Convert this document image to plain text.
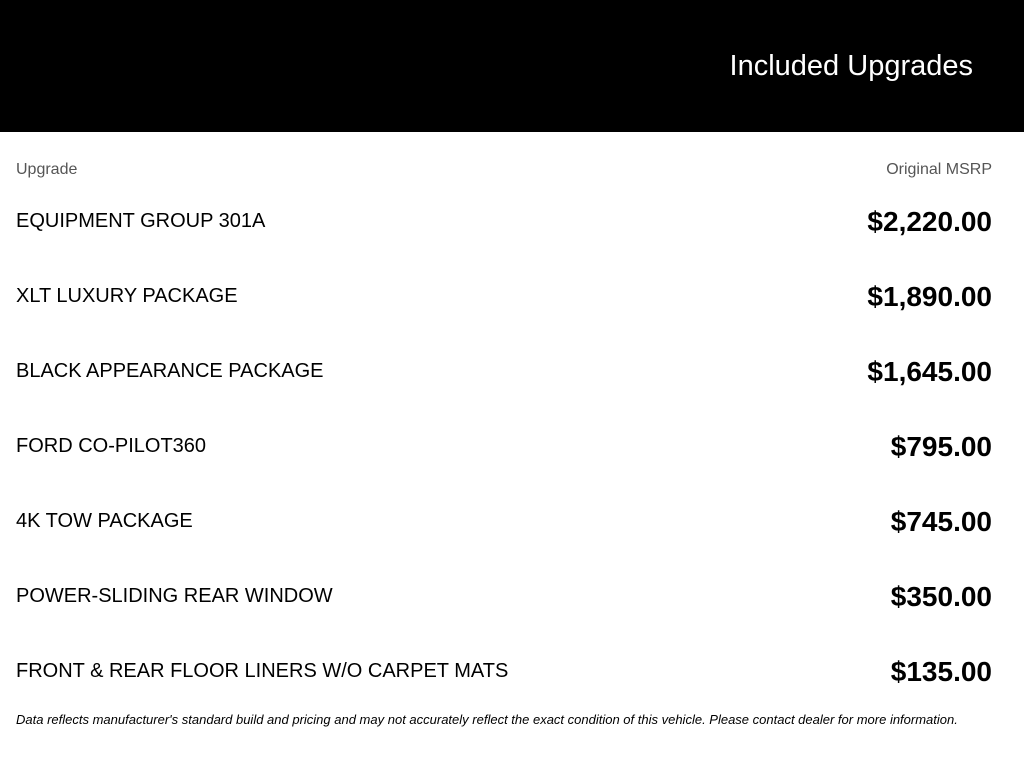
Included Upgrades
Upgrade	Original MSRP
EQUIPMENT GROUP 301A	$2,220.00
XLT LUXURY PACKAGE	$1,890.00
BLACK APPEARANCE PACKAGE	$1,645.00
FORD CO-PILOT360	$795.00
4K TOW PACKAGE	$745.00
POWER-SLIDING REAR WINDOW	$350.00
FRONT & REAR FLOOR LINERS W/O CARPET MATS	$135.00

Data reflects manufacturer's standard build and pricing and may not accurately reflect the exact condition of this vehicle. Please contact dealer for more information.
